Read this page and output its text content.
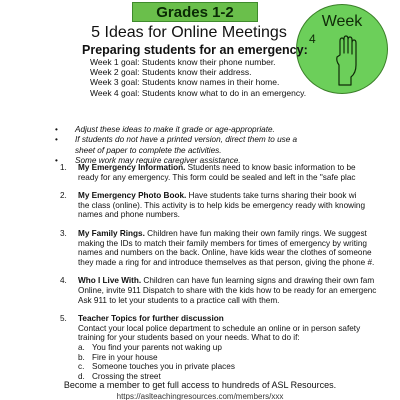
Grades 1-2
Week
4
5 Ideas for Online Meetings
Preparing students for an emergency:
Week 1 goal: Students know their phone number.
Week 2 goal: Students know their address.
Week 3 goal: Students know names in their home.
Week 4 goal: Students know what to do in an emergency.
• Adjust these ideas to make it grade or age-appropriate.
• If students do not have a printed version, direct them to use a
sheet of paper to complete the activities.
• Some work may require caregiver assistance.
1. My Emergency Information. Students need to know basic information to be
ready for any emergency. This form could be sealed and left in the "safe plac
2. My Emergency Photo Book. Have students take turns sharing their book wi
the class (online). This activity is to help kids be emergency ready with knowing
names and phone numbers.
3. My Family Rings. Children have fun making their own family rings. We suggest
making the IDs to match their family members for times of emergency by writing
names and numbers on the back. Online, have kids wear the clothes of someone
they made a ring for and introduce themselves as that person, giving the phone #.
4. Who I Live With. Children can have fun learning signs and drawing their own fam
Online, invite 911 Dispatch to share with the kids how to be ready for an emergenc
Ask 911 to let your students to a practice call with them.
5. Teacher Topics for further discussion
Contact your local police department to schedule an online or in person safety
training for your students based on your needs. What to do if:
a. You find your parents not waking up
b. Fire in your house
c. Someone touches you in private places
d. Crossing the street
Become a member to get full access to hundreds of ASL Resources.
https://aslteachingresources.com/members/xxx
